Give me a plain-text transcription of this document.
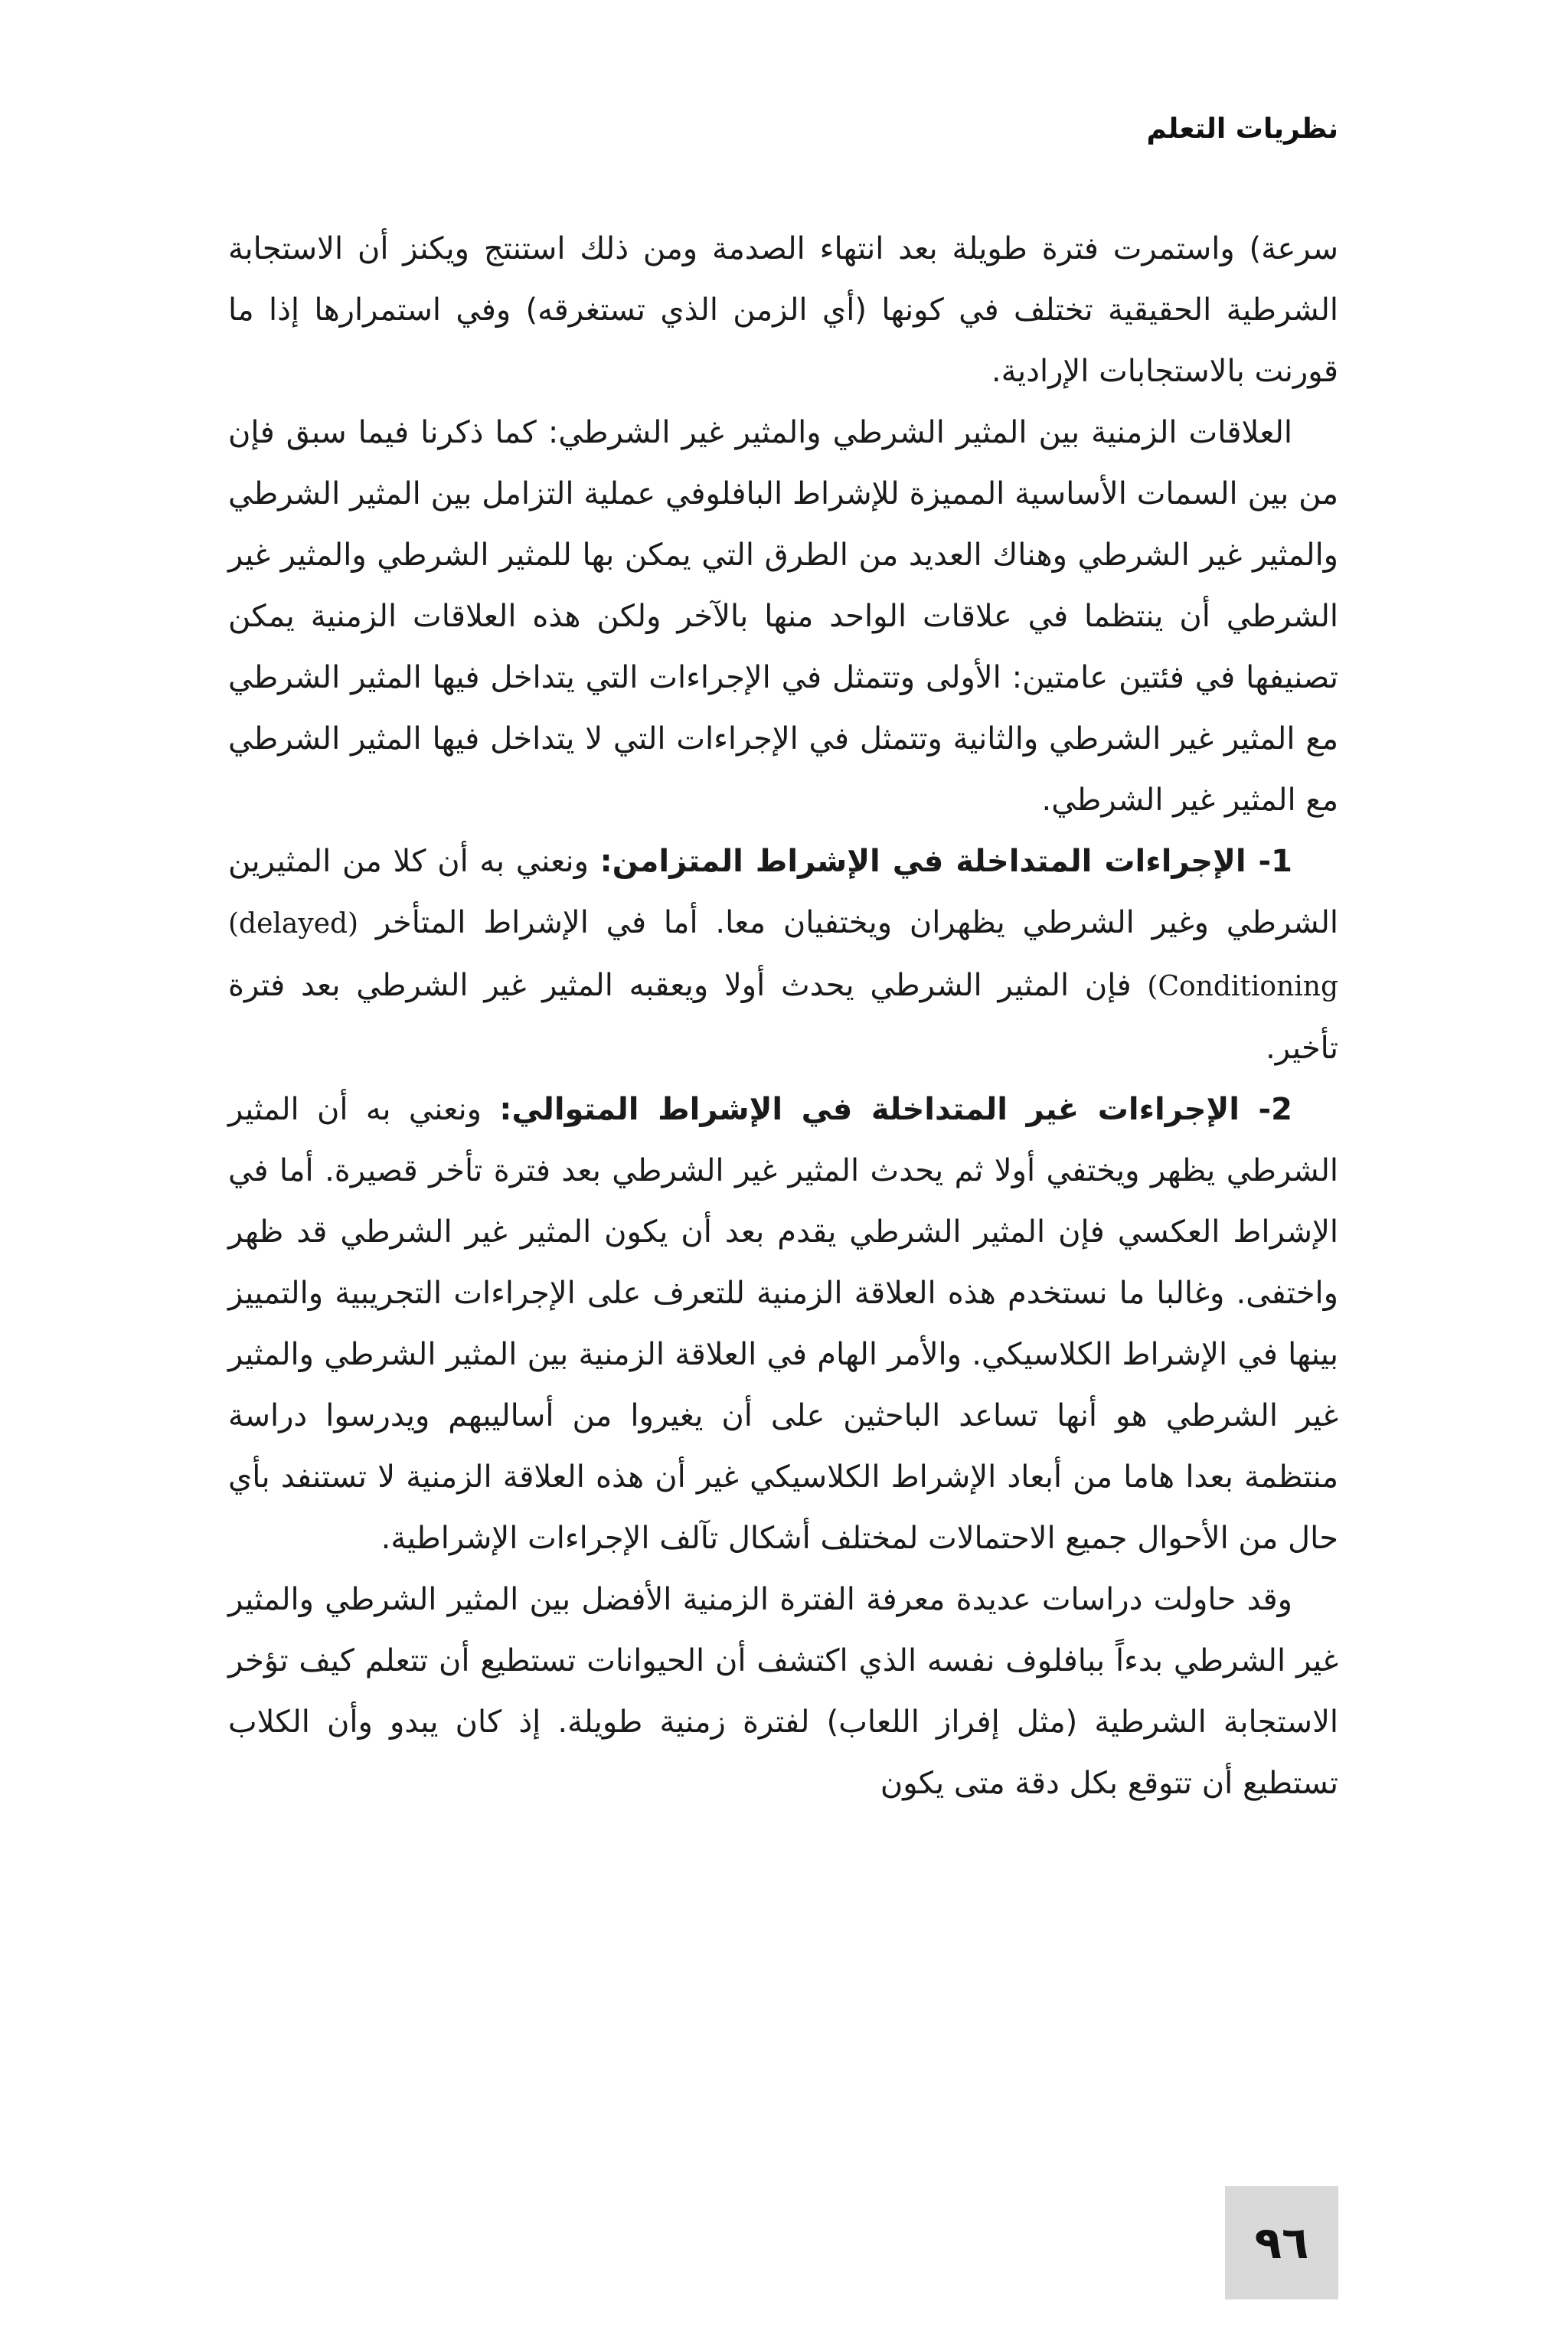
نظريات التعلم

سرعة) واستمرت فترة طويلة بعد انتهاء الصدمة ومن ذلك استنتج ويكنز أن الاستجابة الشرطية الحقيقية تختلف في كونها (أي الزمن الذي تستغرقه) وفي استمرارها إذا ما قورنت بالاستجابات الإرادية.

العلاقات الزمنية بين المثير الشرطي والمثير غير الشرطي: كما ذكرنا فيما سبق فإن من بين السمات الأساسية المميزة للإشراط البافلوفي عملية التزامل بين المثير الشرطي والمثير غير الشرطي وهناك العديد من الطرق التي يمكن بها للمثير الشرطي والمثير غير الشرطي أن ينتظما في علاقات الواحد منها بالآخر ولكن هذه العلاقات الزمنية يمكن تصنيفها في فئتين عامتين: الأولى وتتمثل في الإجراءات التي يتداخل فيها المثير الشرطي مع المثير غير الشرطي والثانية وتتمثل في الإجراءات التي لا يتداخل فيها المثير الشرطي مع المثير غير الشرطي.

1- الإجراءات المتداخلة في الإشراط المتزامن: ونعني به أن كلا من المثيرين الشرطي وغير الشرطي يظهران ويختفيان معا. أما في الإشراط المتأخر (delayed) (Conditioning فإن المثير الشرطي يحدث أولا ويعقبه المثير غير الشرطي بعد فترة تأخير.

2- الإجراءات غير المتداخلة في الإشراط المتوالي: ونعني به أن المثير الشرطي يظهر ويختفي أولا ثم يحدث المثير غير الشرطي بعد فترة تأخر قصيرة. أما في الإشراط العكسي فإن المثير الشرطي يقدم بعد أن يكون المثير غير الشرطي قد ظهر واختفى. وغالبا ما نستخدم هذه العلاقة الزمنية للتعرف على الإجراءات التجريبية والتمييز بينها في الإشراط الكلاسيكي. والأمر الهام في العلاقة الزمنية بين المثير الشرطي والمثير غير الشرطي هو أنها تساعد الباحثين على أن يغيروا من أساليبهم ويدرسوا دراسة منتظمة بعدا هاما من أبعاد الإشراط الكلاسيكي غير أن هذه العلاقة الزمنية لا تستنفد بأي حال من الأحوال جميع الاحتمالات لمختلف أشكال تآلف الإجراءات الإشراطية.

وقد حاولت دراسات عديدة معرفة الفترة الزمنية الأفضل بين المثير الشرطي والمثير غير الشرطي بدءاً ببافلوف نفسه الذي اكتشف أن الحيوانات تستطيع أن تتعلم كيف تؤخر الاستجابة الشرطية (مثل إفراز اللعاب) لفترة زمنية طويلة. إذ كان يبدو وأن الكلاب تستطيع أن تتوقع بكل دقة متى يكون

٩٦
